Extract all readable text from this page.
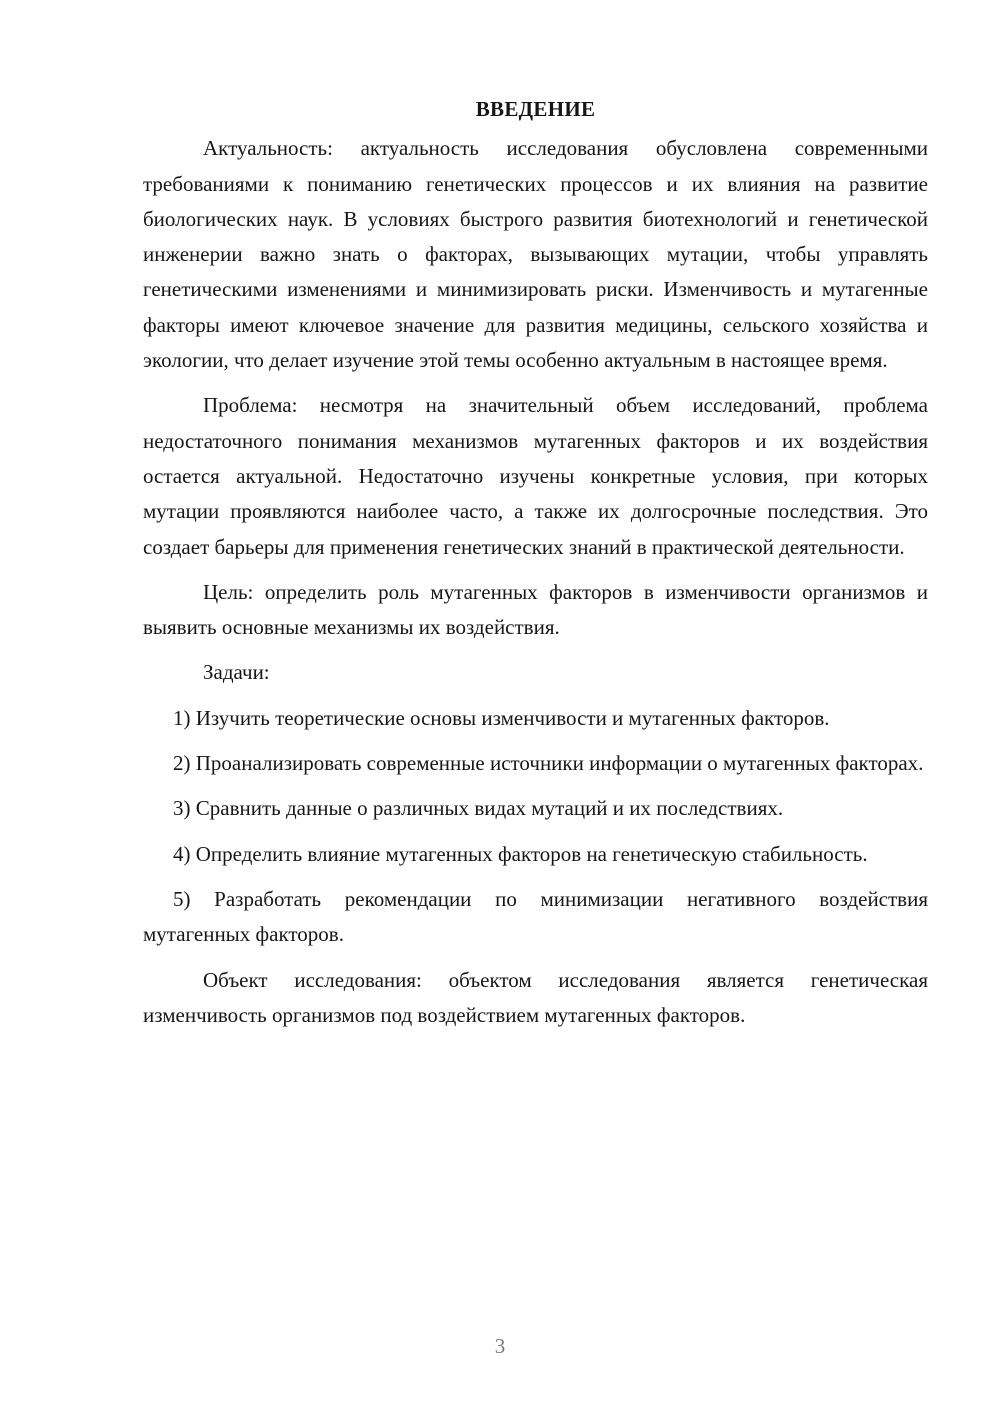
ВВЕДЕНИЕ

Актуальность: актуальность исследования обусловлена современными требованиями к пониманию генетических процессов и их влияния на развитие биологических наук. В условиях быстрого развития биотехнологий и генетической инженерии важно знать о факторах, вызывающих мутации, чтобы управлять генетическими изменениями и минимизировать риски. Изменчивость и мутагенные факторы имеют ключевое значение для развития медицины, сельского хозяйства и экологии, что делает изучение этой темы особенно актуальным в настоящее время.

Проблема: несмотря на значительный объем исследований, проблема недостаточного понимания механизмов мутагенных факторов и их воздействия остается актуальной. Недостаточно изучены конкретные условия, при которых мутации проявляются наиболее часто, а также их долгосрочные последствия. Это создает барьеры для применения генетических знаний в практической деятельности.

Цель: определить роль мутагенных факторов в изменчивости организмов и выявить основные механизмы их воздействия.

Задачи:

1) Изучить теоретические основы изменчивости и мутагенных факторов.

2) Проанализировать современные источники информации о мутагенных факторах.

3) Сравнить данные о различных видах мутаций и их последствиях.

4) Определить влияние мутагенных факторов на генетическую стабильность.

5) Разработать рекомендации по минимизации негативного воздействия мутагенных факторов.

Объект исследования: объектом исследования является генетическая изменчивость организмов под воздействием мутагенных факторов.

3
